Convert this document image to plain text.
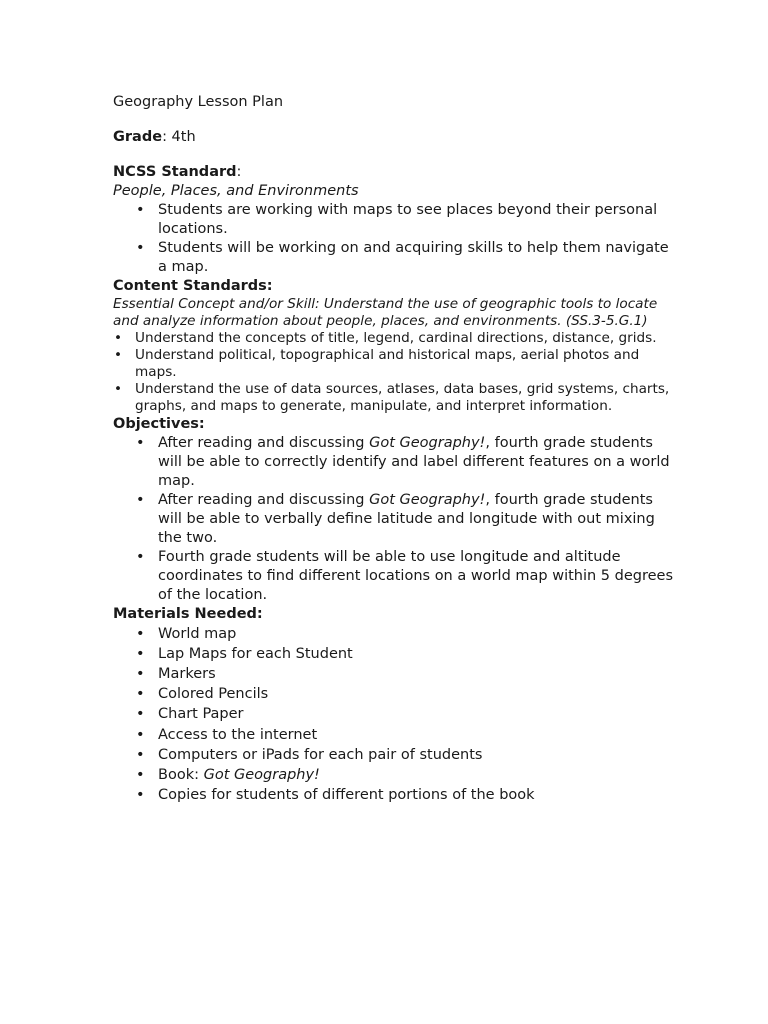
Geography Lesson Plan

Grade: 4th

NCSS Standard:

People, Places, and Environments

• Students are working with maps to see places beyond their personal locations.
• Students will be working on and acquiring skills to help them navigate a map.

Content Standards:

Essential Concept and/or Skill: Understand the use of geographic tools to locate and analyze information about people, places, and environments. (SS.3-5.G.1)

• Understand the concepts of title, legend, cardinal directions, distance, grids.
• Understand political, topographical and historical maps, aerial photos and maps.
• Understand the use of data sources, atlases, data bases, grid systems, charts, graphs, and maps to generate, manipulate, and interpret information.

Objectives:

• After reading and discussing Got Geography!, fourth grade students will be able to correctly identify and label different features on a world map.
• After reading and discussing Got Geography!, fourth grade students will be able to verbally define latitude and longitude with out mixing the two.
• Fourth grade students will be able to use longitude and altitude coordinates to find different locations on a world map within 5 degrees of the location.

Materials Needed:

• World map
• Lap Maps for each Student
• Markers
• Colored Pencils
• Chart Paper
• Access to the internet
• Computers or iPads for each pair of students
• Book: Got Geography!
• Copies for students of different portions of the book
